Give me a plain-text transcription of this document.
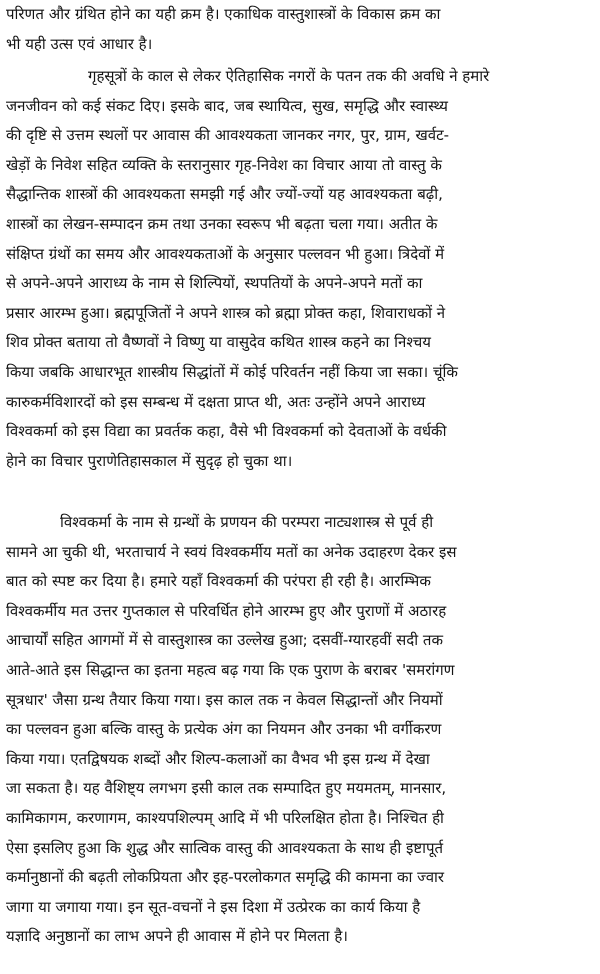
परिणत और ग्रंथित होने का यही क्रम है। एकाधिक वास्तुशास्त्रों के विकास क्रम का
भी यही उत्स एवं आधार है।
गृहसूत्रों के काल से लेकर ऐतिहासिक नगरों के पतन तक की अवधि ने हमारे
जनजीवन को कई संकट दिए। इसके बाद, जब स्थायित्व, सुख, समृद्धि और स्वास्थ्य
की दृष्टि से उत्तम स्थलों पर आवास की आवश्यकता जानकर नगर, पुर, ग्राम, खर्वट-
खेड़ों के निवेश सहित व्यक्ति के स्तरानुसार गृह-निवेश का विचार आया तो वास्तु के
सैद्धान्तिक शास्त्रों की आवश्यकता समझी गई और ज्यों-ज्यों यह आवश्यकता बढ़ी,
शास्त्रों का लेखन-सम्पादन क्रम तथा उनका स्वरूप भी बढ़ता चला गया। अतीत के
संक्षिप्त ग्रंथों का समय और आवश्यकताओं के अनुसार पल्लवन भी हुआ। त्रिदेवों में
से अपने-अपने आराध्य के नाम से शिल्पियों, स्थपतियों के अपने-अपने मतों का
प्रसार आरम्भ हुआ। ब्रह्मपूजितों ने अपने शास्त्र को ब्रह्मा प्रोक्त कहा, शिवाराधकों ने
शिव प्रोक्त बताया तो वैष्णवों ने विष्णु या वासुदेव कथित शास्त्र कहने का निश्चय
किया जबकि आधारभूत शास्त्रीय सिद्धांतों में कोई परिवर्तन नहीं किया जा सका। चूंकि
कारुकर्मविशारदों को इस सम्बन्ध में दक्षता प्राप्त थी, अतः उन्होंने अपने आराध्य
विश्वकर्मा को इस विद्या का प्रवर्तक कहा, वैसे भी विश्वकर्मा को देवताओं के वर्धकी
हेाने का विचार पुराणेतिहासकाल में सुदृढ़ हो चुका था।
विश्वकर्मा के नाम से ग्रन्थों के प्रणयन की परम्परा नाट्यशास्त्र से पूर्व ही
सामने आ चुकी थी, भरताचार्य ने स्वयं विश्वकर्मीय मतों का अनेक उदाहरण देकर इस
बात को स्पष्ट कर दिया है। हमारे यहाँ विश्वकर्मा की परंपरा ही रही है। आरम्भिक
विश्वकर्मीय मत उत्तर गुप्तकाल से परिवर्धित होने आरम्भ हुए और पुराणों में अठारह
आचार्यों सहित आगमों में से वास्तुशास्त्र का उल्लेख हुआ; दसवीं-ग्यारहवीं सदी तक
आते-आते इस सिद्धान्त का इतना महत्व बढ़ गया कि एक पुराण के बराबर 'समरांगण
सूत्रधार' जैसा ग्रन्थ तैयार किया गया। इस काल तक न केवल सिद्धान्तों और नियमों
का पल्लवन हुआ बल्कि वास्तु के प्रत्येक अंग का नियमन और उनका भी वर्गीकरण
किया गया। एतद्विषयक शब्दों और शिल्प-कलाओं का वैभव भी इस ग्रन्थ में देखा
जा सकता है। यह वैशिष्ट्य लगभग इसी काल तक सम्पादित हुए मयमतम्, मानसार,
कामिकागम, करणागम, काश्यपशिल्पम् आदि में भी परिलक्षित होता है। निश्चित ही
ऐसा इसलिए हुआ कि शुद्ध और सात्विक वास्तु की आवश्यकता के साथ ही इष्टापूर्त
कर्मानुष्ठानों की बढ़ती लोकप्रियता और इह-परलोकगत समृद्धि की कामना का ज्वार
जागा या जगाया गया। इन सूत-वचनों ने इस दिशा में उत्प्रेरक का कार्य किया है
यज्ञादि अनुष्ठानों का लाभ अपने ही आवास में होने पर मिलता है।
